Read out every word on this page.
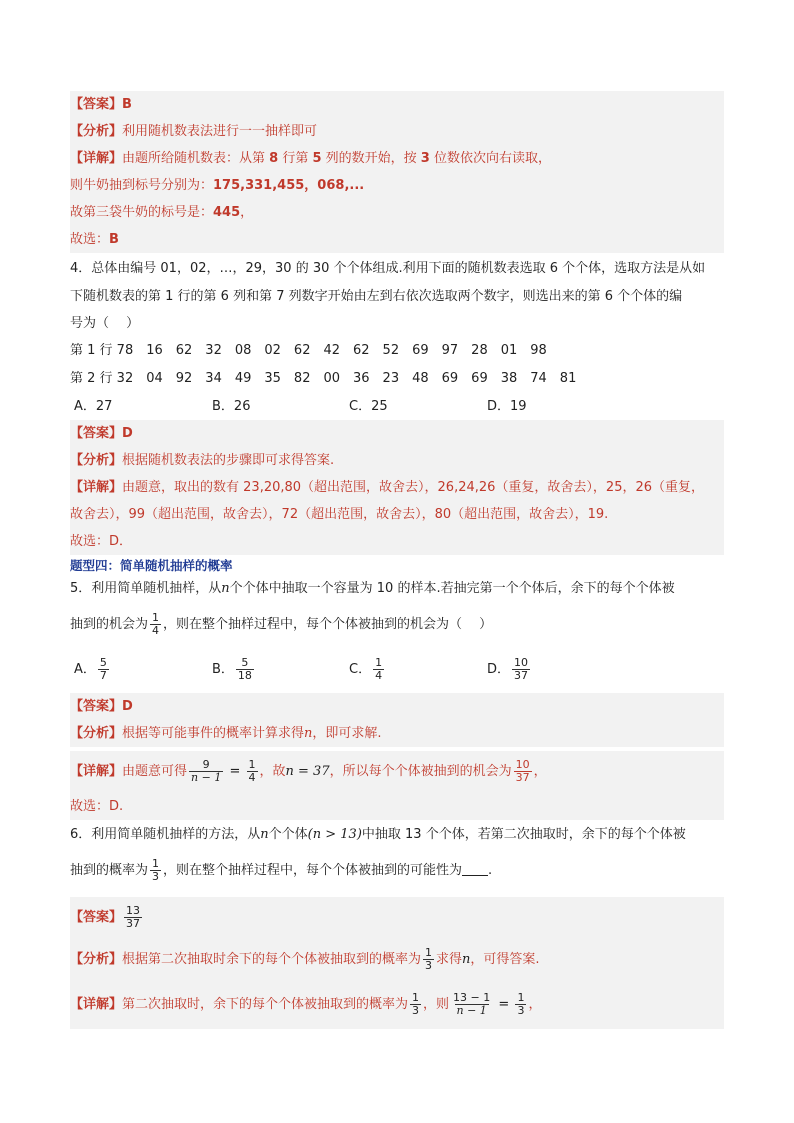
【答案】B
【分析】利用随机数表法进行一一抽样即可
【详解】由题所给随机数表：从第 8 行第 5 列的数开始，按 3 位数依次向右读取，
则牛奶抽到标号分别为：175,331,455，068,...
故第三袋牛奶的标号是：445，
故选：B
4．总体由编号 01，02，…，29，30 的 30 个个体组成.利用下面的随机数表选取 6 个个体，选取方法是从如
下随机数表的第 1 行的第 6 列和第 7 列数字开始由左到右依次选取两个数字，则选出来的第 6 个个体的编
号为（　 ）
第 1 行 78　16　62　32　08　02　62　42　62　52　69　97　28　01　98
第 2 行 32　04　92　34　49　35　82　00　36　23　48　69　69　38　74　81
A．27	B．26	C．25	D．19
【答案】D
【分析】根据随机数表法的步骤即可求得答案.
【详解】由题意，取出的数有 23,20,80（超出范围，故舍去），26,24,26（重复，故舍去），25，26（重复，
故舍去），99（超出范围，故舍去），72（超出范围，故舍去），80（超出范围，故舍去），19.
故选：D．
题型四：简单随机抽样的概率
5．利用简单随机抽样，从n个个体中抽取一个容量为 10 的样本.若抽完第一个个体后，余下的每个个体被
抽到的机会为 $\frac{1}{4}$ ，则在整个抽样过程中，每个个体被抽到的机会为（　 ）
A． $\frac{5}{7}$	B． $\frac{5}{18}$	C． $\frac{1}{4}$	D． $\frac{10}{37}$
【答案】D
【分析】根据等可能事件的概率计算求得n，即可求解.
【详解】由题意可得 $\frac{9}{n - 1} = \frac{1}{4}$ ，故n = 37，所以每个个体被抽到的机会为 $\frac{10}{37}$ ，
故选：D.
6．利用简单随机抽样的方法，从n个个体(n > 13)中抽取 13 个个体，若第二次抽取时，余下的每个个体被
抽到的概率为 $\frac{1}{3}$ ，则在整个抽样过程中，每个个体被抽到的可能性为 .
【答案】 $\frac{13}{37}$
【分析】根据第二次抽取时余下的每个个体被抽取到的概率为 $\frac{1}{3}$ 求得n，可得答案.
【详解】第二次抽取时，余下的每个个体被抽取到的概率为 $\frac{1}{3}$ ，则 $\frac{13 - 1}{n - 1} = \frac{1}{3}$ ，
